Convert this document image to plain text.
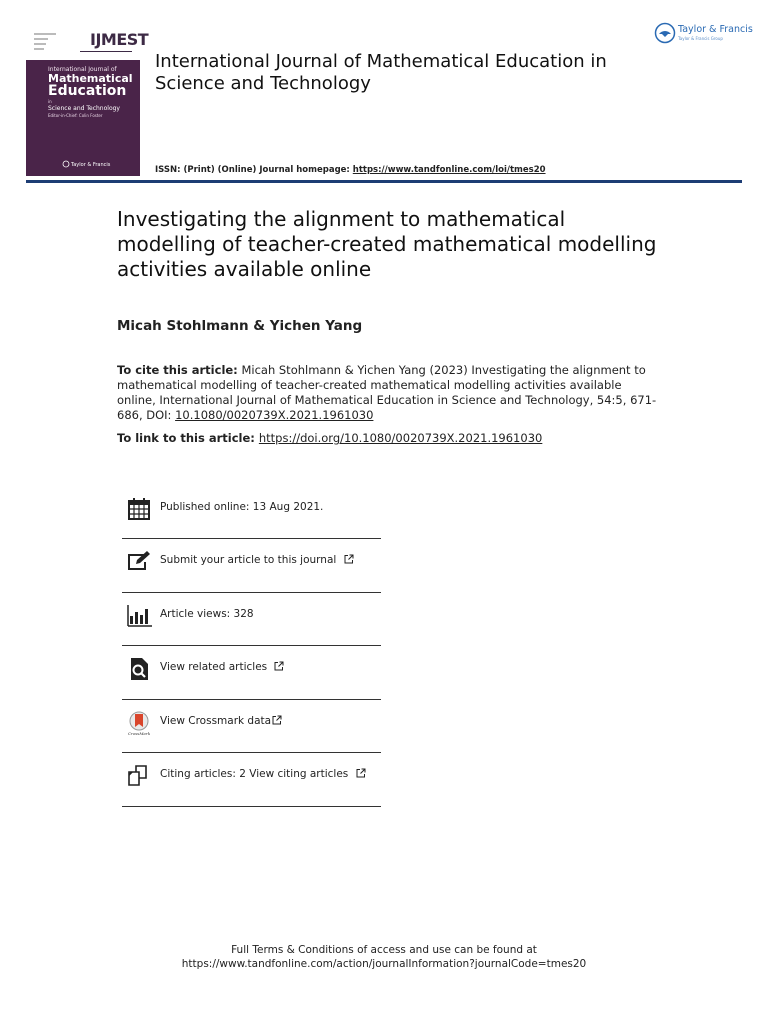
IJMEST
International Journal of
Mathematical
Education
in
Science and Technology
Editor-in-Chief: Colin Foster
Taylor & Francis
International Journal of Mathematical Education in Science and Technology
Taylor & Francis
Taylor & Francis Group
ISSN: (Print) (Online) Journal homepage: https://www.tandfonline.com/loi/tmes20
Investigating the alignment to mathematical modelling of teacher-created mathematical modelling activities available online
Micah Stohlmann & Yichen Yang
To cite this article: Micah Stohlmann & Yichen Yang (2023) Investigating the alignment to mathematical modelling of teacher-created mathematical modelling activities available online, International Journal of Mathematical Education in Science and Technology, 54:5, 671-686, DOI: 10.1080/0020739X.2021.1961030
To link to this article: https://doi.org/10.1080/0020739X.2021.1961030
Published online: 13 Aug 2021.
Submit your article to this journal
Article views: 328
View related articles
CrossMark
View Crossmark data
Citing articles: 2 View citing articles
Full Terms & Conditions of access and use can be found at
https://www.tandfonline.com/action/journalInformation?journalCode=tmes20
